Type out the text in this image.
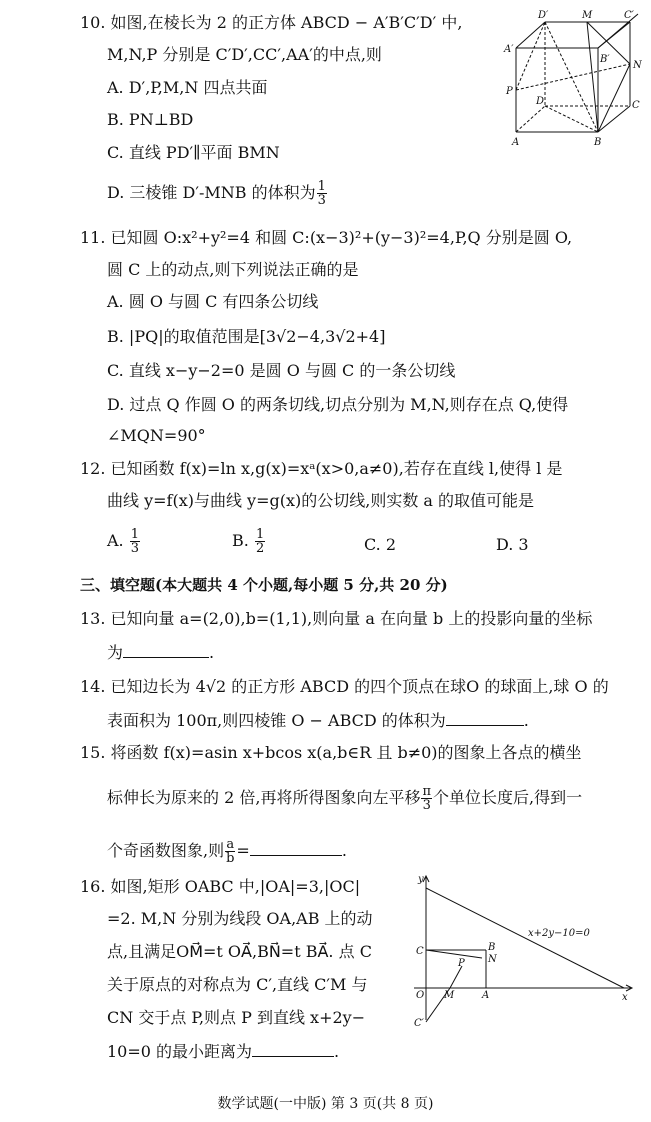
10. 如图,在棱长为 2 的正方体 ABCD − A′B′C′D′ 中,
M,N,P 分别是 C′D′,CC′,AA′的中点,则
A. D′,P,M,N 四点共面
B. PN⊥BD
C. 直线 PD′∥平面 BMN
D. 三棱锥 D′-MNB 的体积为 $\frac{1}{3}$
D′	M	C′
A′
B′
N
P
D	C
A	B
11. 已知圆 O:x²+y²=4 和圆 C:(x−3)²+(y−3)²=4,P,Q 分别是圆 O,
圆 C 上的动点,则下列说法正确的是
A. 圆 O 与圆 C 有四条公切线
B. |PQ|的取值范围是[3√2−4,3√2+4]
C. 直线 x−y−2=0 是圆 O 与圆 C 的一条公切线
D. 过点 Q 作圆 O 的两条切线,切点分别为 M,N,则存在点 Q,使得
∠MQN=90°
12. 已知函数 f(x)=ln x,g(x)=xᵃ(x>0,a≠0),若存在直线 l,使得 l 是
曲线 y=f(x)与曲线 y=g(x)的公切线,则实数 a 的取值可能是
A. $\frac{1}{3}$	B. $\frac{1}{2}$	C. 2	D. 3
三、填空题(本大题共 4 个小题,每小题 5 分,共 20 分)
13. 已知向量 a=(2,0),b=(1,1),则向量 a 在向量 b 上的投影向量的坐标
为	.
14. 已知边长为 4√2 的正方形 ABCD 的四个顶点在球O 的球面上,球 O 的
表面积为 100π,则四棱锥 O − ABCD 的体积为	.
15. 将函数 f(x)=asin x+bcos x(a,b∈R 且 b≠0)的图象上各点的横坐
标伸长为原来的 2 倍,再将所得图象向左平移 $\frac{\pi}{3}$ 个单位长度后,得到一
个奇函数图象,则 $\frac{a}{b}$ =	.
16. 如图,矩形 OABC 中,|OA|=3,|OC|
=2. M,N 分别为线段 OA,AB 上的动
点,且满足OM⃗=t OA⃗,BN⃗=t BA⃗. 点 C
关于原点的对称点为 C′,直线 C′M 与
CN 交于点 P,则点 P 到直线 x+2y−
10=0 的最小距离为	.
y
x+2y−10=0
C	B
N
P
O M	A	x
C′
数学试题(一中版) 第 3 页(共 8 页)
